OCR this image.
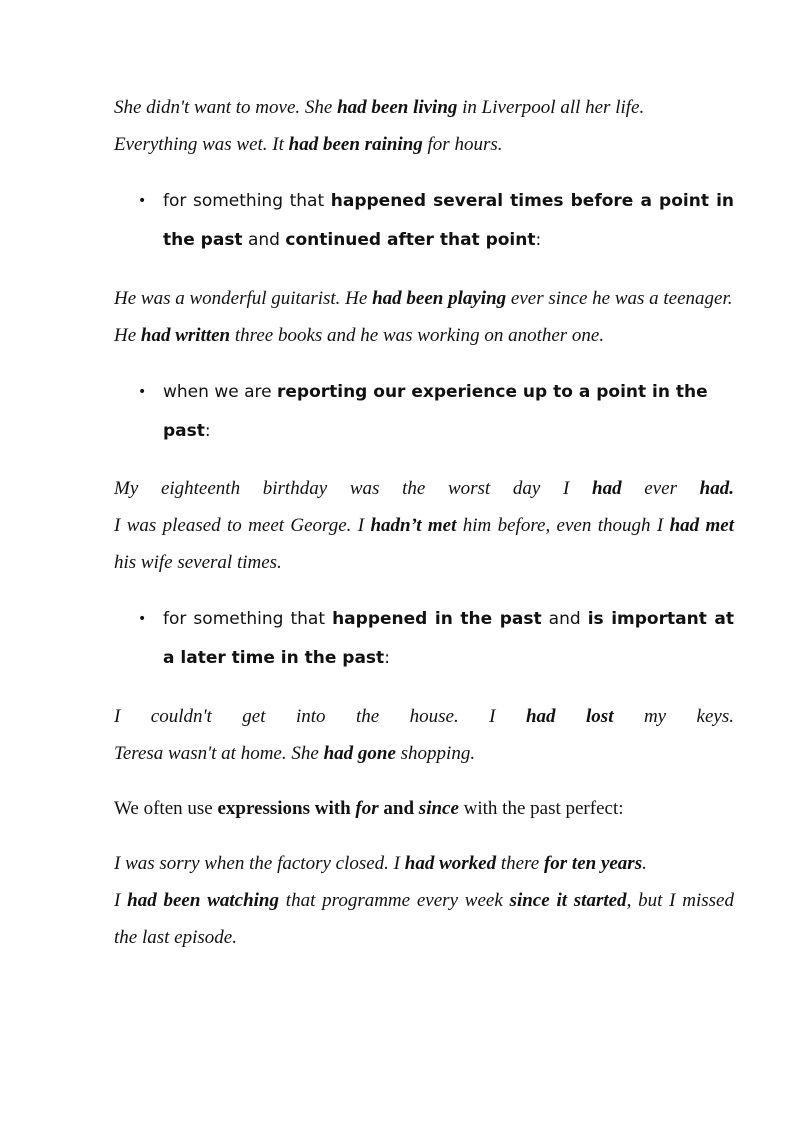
She didn't want to move. She had been living in Liverpool all her life.

Everything was wet. It had been raining for hours.

• for something that happened several times before a point in the past and continued after that point:

He was a wonderful guitarist. He had been playing ever since he was a teenager.

He had written three books and he was working on another one.

• when we are reporting our experience up to a point in the past:

My eighteenth birthday was the worst day I had ever had.

I was pleased to meet George. I hadn’t met him before, even though I had met his wife several times.

• for something that happened in the past and is important at a later time in the past:

I couldn't get into the house. I had lost my keys.

Teresa wasn't at home. She had gone shopping.

We often use expressions with for and since with the past perfect:

I was sorry when the factory closed. I had worked there for ten years.

I had been watching that programme every week since it started, but I missed the last episode.
